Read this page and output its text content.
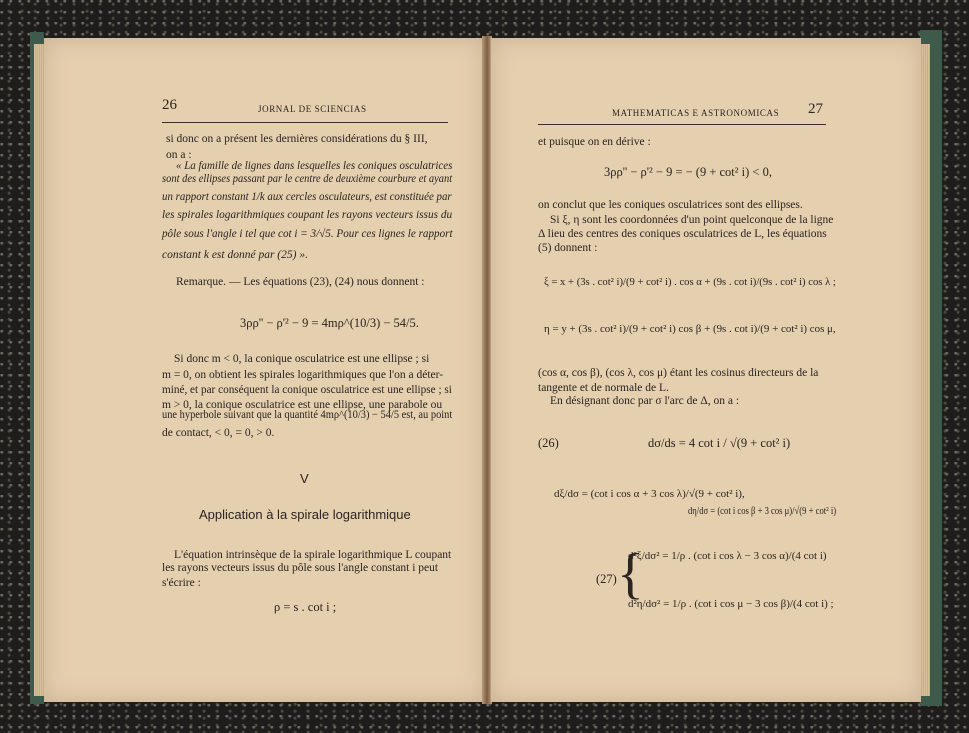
26	JORNAL DE SCIENCIAS
si donc on a présent les dernières considérations du § III,
on a :
« La famille de lignes dans lesquelles les coniques osculatrices
sont des ellipses passant par le centre de deuxième courbure et ayant
un rapport constant 1/k aux cercles osculateurs, est constituée par
les spirales logarithmiques coupant les rayons vecteurs issus du
pôle sous l'angle i tel que cot i = 3/√5. Pour ces lignes le rapport
constant k est donné par (25) ».
Remarque. — Les équations (23), (24) nous donnent :
3ρρ'' − ρ'² − 9 = 4mρ^(10/3) − 54/5.
Si donc m < 0, la conique osculatrice est une ellipse ; si
m = 0, on obtient les spirales logarithmiques que l'on a déter-
miné, et par conséquent la conique osculatrice est une ellipse ; si
m > 0, la conique osculatrice est une ellipse, une parabole ou
une hyperbole suivant que la quantité 4mρ^(10/3) − 54/5 est, au point
de contact, < 0, = 0, > 0.
V
Application à la spirale logarithmique
L'équation intrinsèque de la spirale logarithmique L coupant
les rayons vecteurs issus du pôle sous l'angle constant i peut
s'écrire :
ρ = s . cot i ;
MATHEMATICAS E ASTRONOMICAS 27
et puisque on en dérive :
3ρρ'' − ρ'² − 9 = − (9 + cot² i) < 0,
on conclut que les coniques osculatrices sont des ellipses.
Si ξ, η sont les coordonnées d'un point quelconque de la ligne
Δ lieu des centres des coniques osculatrices de L, les équations
(5) donnent :
ξ = x + (3s . cot² i)/(9 + cot² i) . cos α + (9s . cot i)/(9s . cot² i) cos λ ;
η = y + (3s . cot² i)/(9 + cot² i) cos β + (9s . cot i)/(9 + cot² i) cos μ,
(cos α, cos β), (cos λ, cos μ) étant les cosinus directeurs de la
tangente et de normale de L.
En désignant donc par σ l'arc de Δ, on a :
(26)	dσ/ds = 4 cot i / √(9 + cot² i)
dξ/dσ = (cot i cos α + 3 cos λ)/√(9 + cot² i),
dη/dσ = (cot i cos β + 3 cos μ)/√(9 + cot² i)
(27) {
d²ξ/dσ² = 1/ρ . (cot i cos λ − 3 cos α)/(4 cot i)
d²η/dσ² = 1/ρ . (cot i cos μ − 3 cos β)/(4 cot i) ;
